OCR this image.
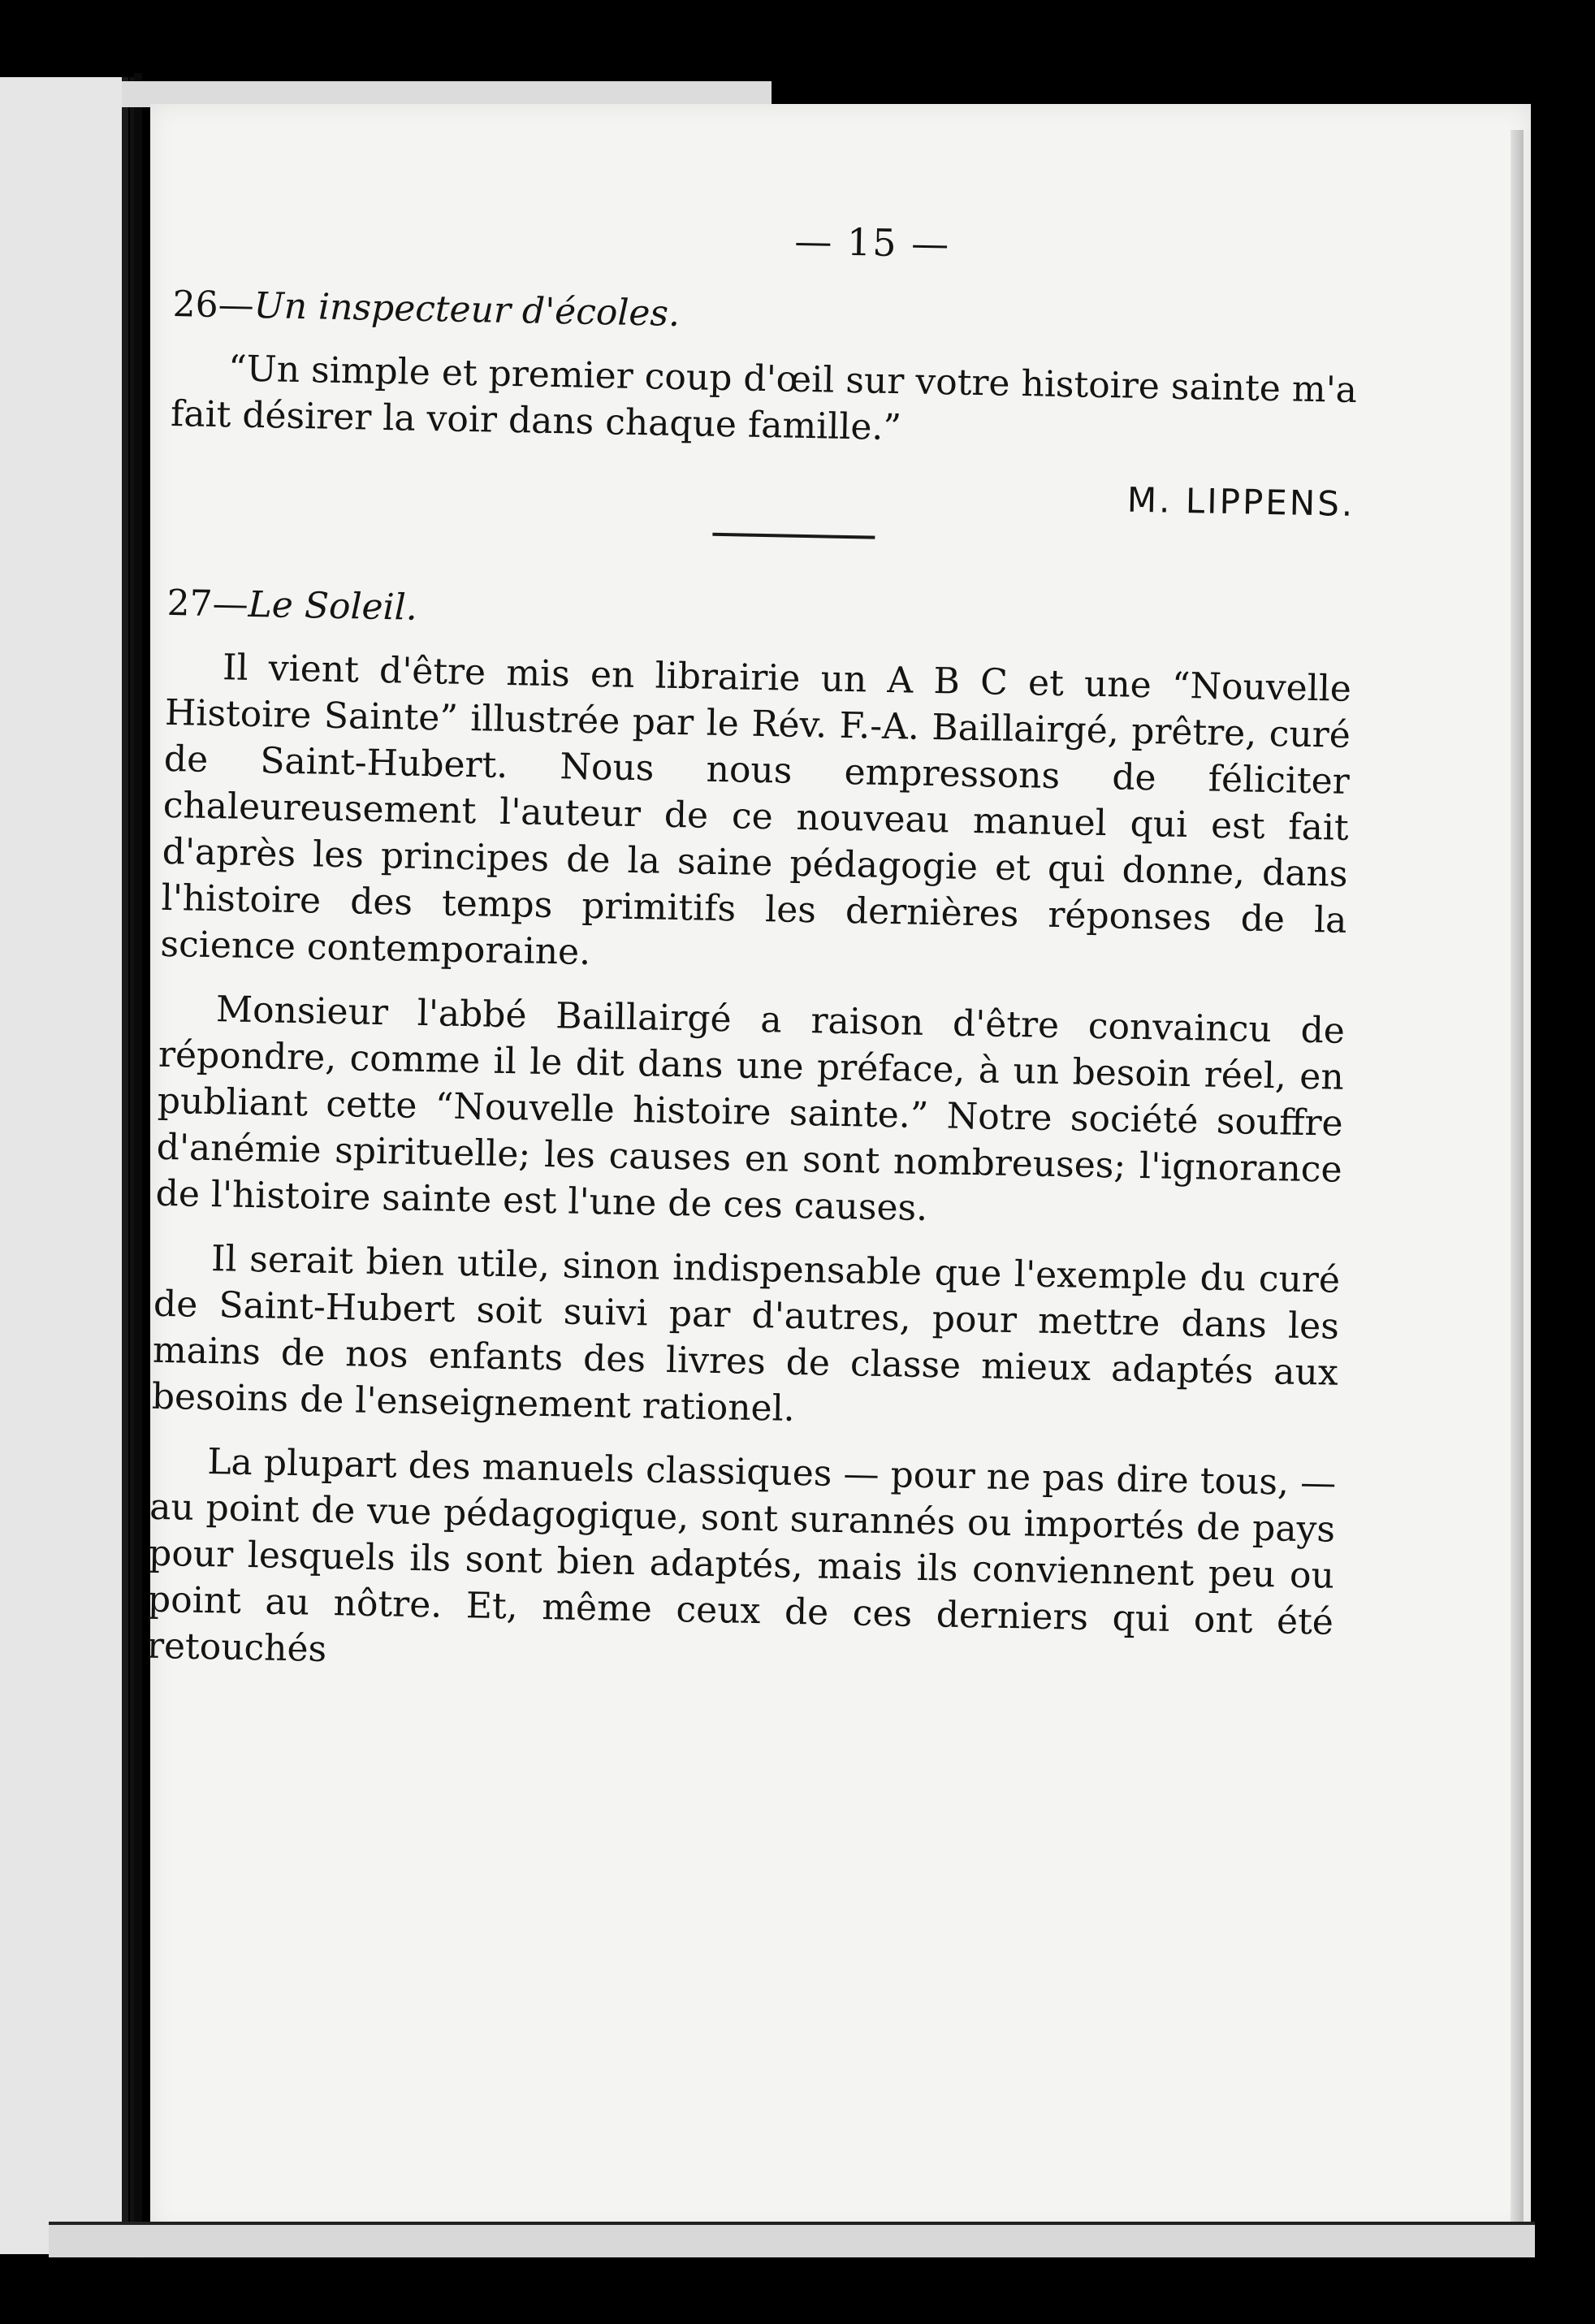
— 15 —
26—Un inspecteur d'écoles.

“Un simple et premier coup d'œil sur votre histoire sainte m'a fait désirer la voir dans chaque famille.”

M. LIPPENS.
27—Le Soleil.

Il vient d'être mis en librairie un A B C et une “Nouvelle Histoire Sainte” illustrée par le Rév. F.-A. Baillairgé, prêtre, curé de Saint-Hubert. Nous nous empressons de féliciter chaleureusement l'auteur de ce nouveau manuel qui est fait d'après les principes de la saine pédagogie et qui donne, dans l'histoire des temps primitifs les dernières réponses de la science contemporaine.

Monsieur l'abbé Baillairgé a raison d'être convaincu de répondre, comme il le dit dans une préface, à un besoin réel, en publiant cette “Nouvelle histoire sainte.” Notre société souffre d'anémie spirituelle; les causes en sont nombreuses; l'ignorance de l'histoire sainte est l'une de ces causes.

Il serait bien utile, sinon indispensable que l'exemple du curé de Saint-Hubert soit suivi par d'autres, pour mettre dans les mains de nos enfants des livres de classe mieux adaptés aux besoins de l'enseignement rationel.

La plupart des manuels classiques — pour ne pas dire tous, — au point de vue pédagogique, sont surannés ou importés de pays pour lesquels ils sont bien adaptés, mais ils conviennent peu ou point au nôtre. Et, même ceux de ces derniers qui ont été retouchés
